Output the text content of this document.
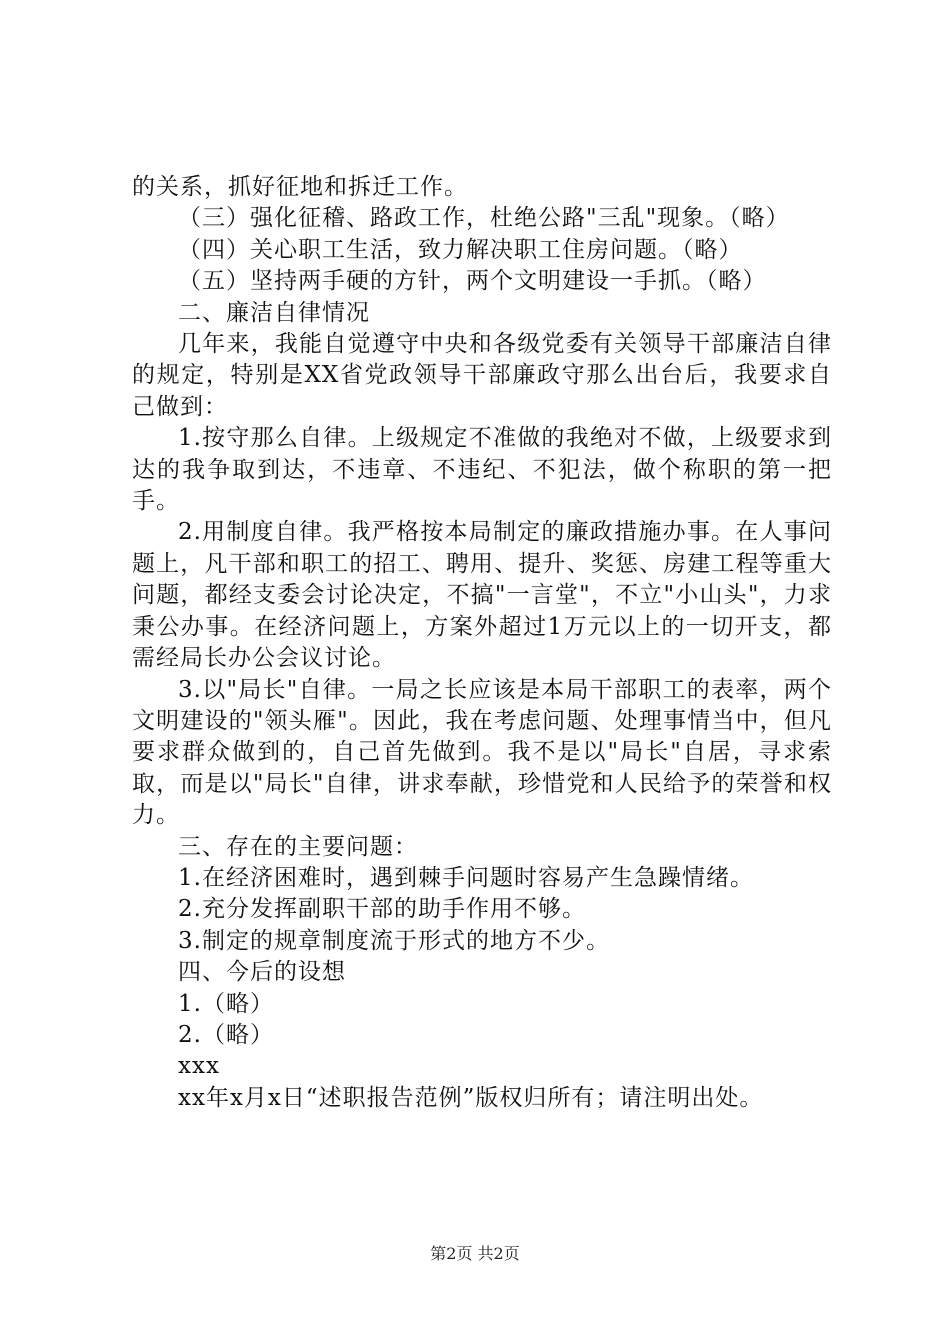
的关系，抓好征地和拆迁工作。

（三）强化征稽、路政工作，杜绝公路"三乱"现象。（略）

（四）关心职工生活，致力解决职工住房问题。（略）

（五）坚持两手硬的方针，两个文明建设一手抓。（略）

二、廉洁自律情况

几年来，我能自觉遵守中央和各级党委有关领导干部廉洁自律的规定，特别是XX省党政领导干部廉政守那么出台后，我要求自己做到：

1.按守那么自律。上级规定不准做的我绝对不做，上级要求到达的我争取到达，不违章、不违纪、不犯法，做个称职的第一把手。

2.用制度自律。我严格按本局制定的廉政措施办事。在人事问题上，凡干部和职工的招工、聘用、提升、奖惩、房建工程等重大问题，都经支委会讨论决定，不搞"一言堂"，不立"小山头"，力求秉公办事。在经济问题上，方案外超过1万元以上的一切开支，都需经局长办公会议讨论。

3.以"局长"自律。一局之长应该是本局干部职工的表率，两个文明建设的"领头雁"。因此，我在考虑问题、处理事情当中，但凡要求群众做到的，自己首先做到。我不是以"局长"自居，寻求索取，而是以"局长"自律，讲求奉献，珍惜党和人民给予的荣誉和权力。

三、存在的主要问题：

1.在经济困难时，遇到棘手问题时容易产生急躁情绪。

2.充分发挥副职干部的助手作用不够。

3.制定的规章制度流于形式的地方不少。

四、今后的设想

1.（略）

2.（略）

xxx

xx年x月x日“述职报告范例”版权归所有；请注明出处。

第2页 共2页
